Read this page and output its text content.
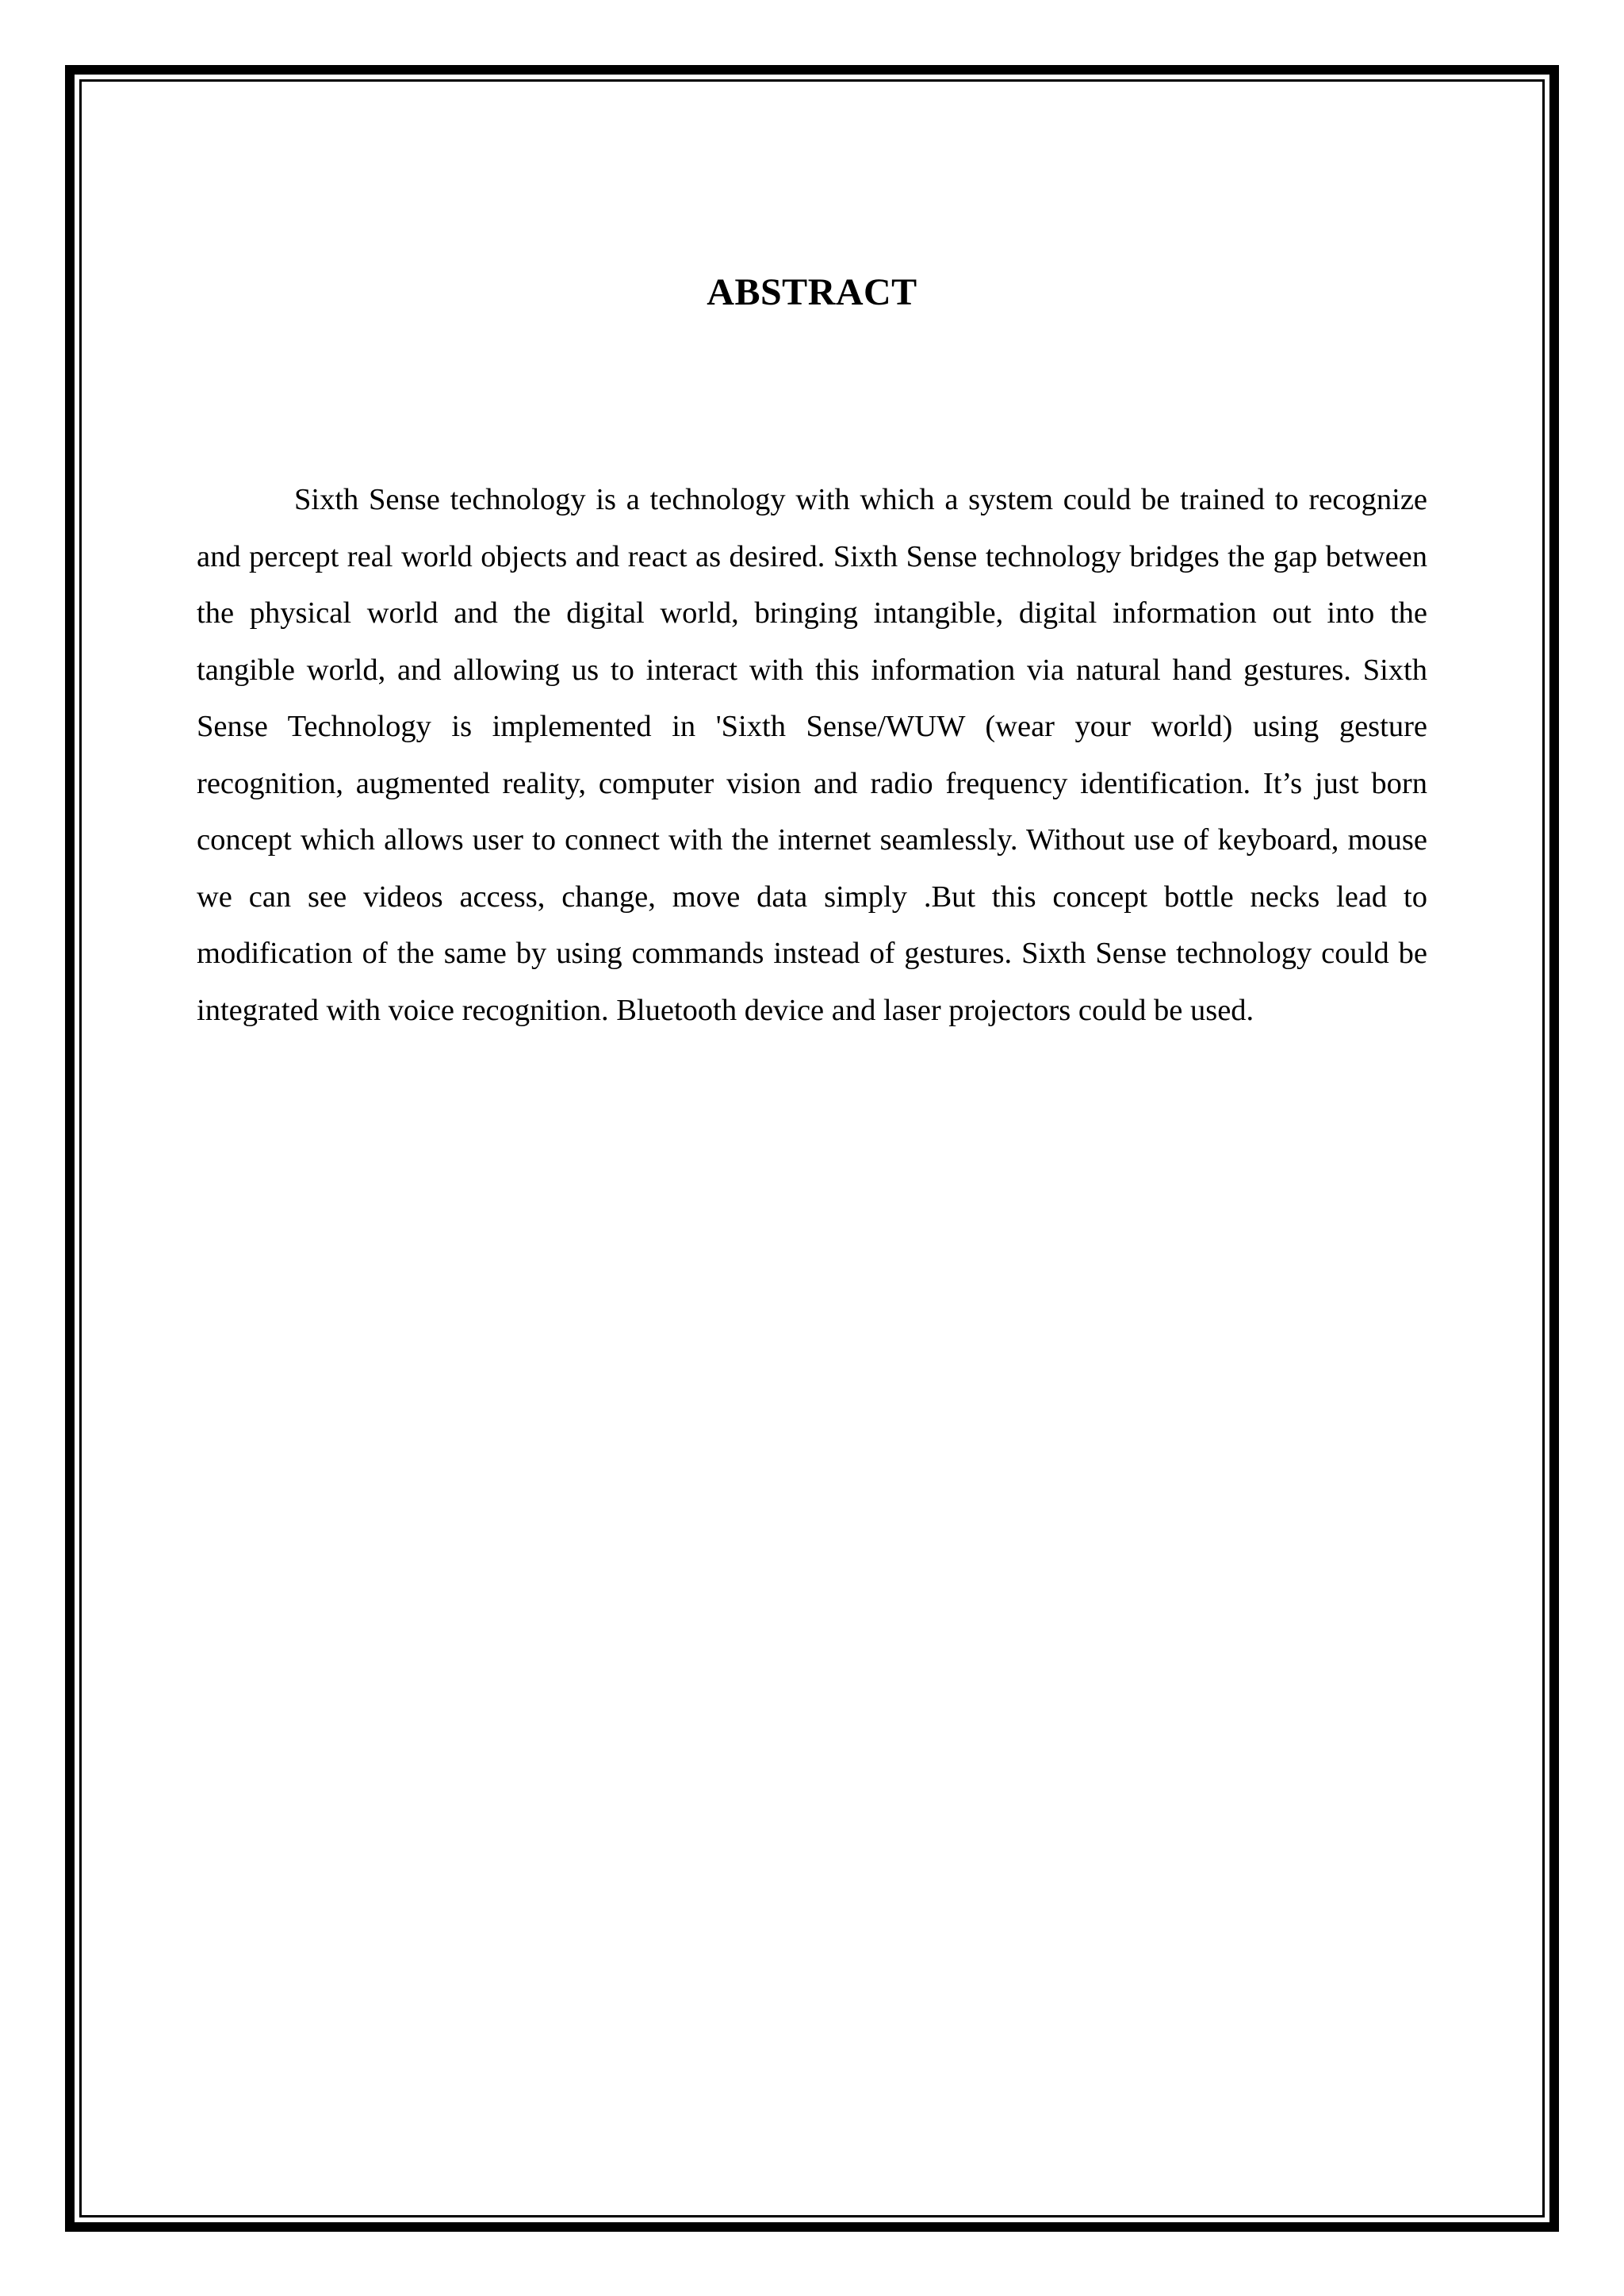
ABSTRACT

Sixth Sense technology is a technology with which a system could be trained to recognize and percept real world objects and react as desired. Sixth Sense technology bridges the gap between the physical world and the digital world, bringing intangible, digital information out into the tangible world, and allowing us to interact with this information via natural hand gestures. Sixth Sense Technology is implemented in 'Sixth Sense/WUW (wear your world) using gesture recognition, augmented reality, computer vision and radio frequency identification. It’s just born concept which allows user to connect with the internet seamlessly. Without use of keyboard, mouse we can see videos access, change, move data simply .But this concept bottle necks lead to modification of the same by using commands instead of gestures. Sixth Sense technology could be integrated with voice recognition. Bluetooth device and laser projectors could be used.
